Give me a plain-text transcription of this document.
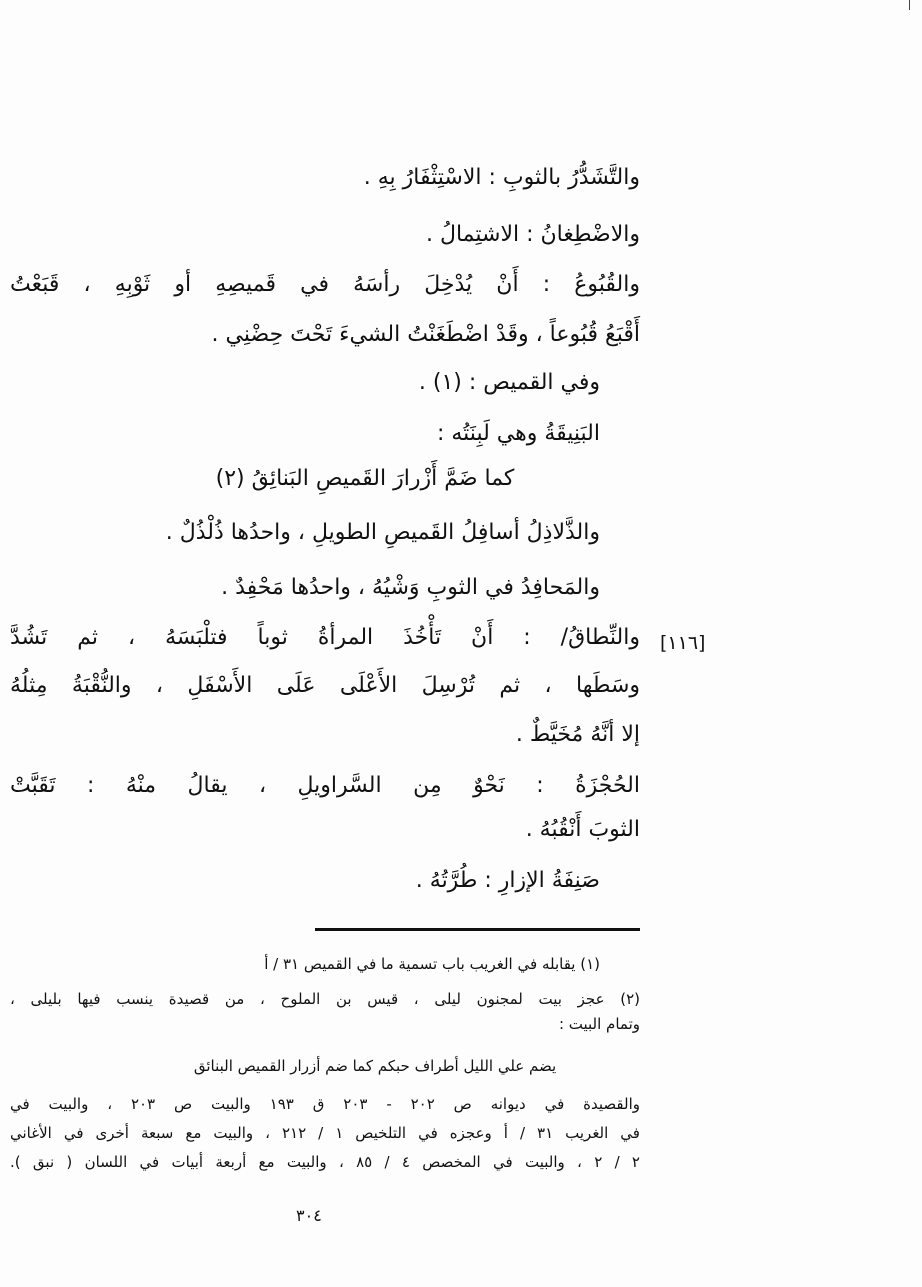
والتَّشَدُّرُ بالثوبِ : الاسْتِثْفَارُ بِهِ .
والاضْطِغانُ : الاشتِمالُ .
والقُبُوعُ : أَنْ يُدْخِلَ رأسَهُ في قَميصِهِ أو ثَوْبِهِ ، قَبَعْتُ
أَقْبَعُ قُبُوعاً ، وقَدْ اضْطَغَنْتُ الشيءَ تَحْتَ حِضْنِي .
وفي القميص : (١) .
البَنِيقَةُ وهي لَبِنَتُه :
كما ضَمَّ أَزْرارَ القَميصِ البَنائِقُ (٢)
والذَّلاذِلُ أسافِلُ القَميصِ الطويلِ ، واحدُها ذُلْذُلٌ .
والمَحافِدُ في الثوبِ وَشْيُهُ ، واحدُها مَحْفِدٌ .
والنِّطاقُ/ : أَنْ تَأْخُذَ المرأةُ ثوباً فتلْبَسَهُ ، ثم تَشُدَّ
وسَطَها ، ثم تُرْسِلَ الأَعْلَى عَلَى الأَسْفَلِ ، والنُّقْبَةُ مِثلُهُ
إلا أنَّهُ مُخَيَّطٌ .
الحُجْزَةُ : نَحْوٌ مِن السَّراويلِ ، يقالُ منْهُ : تَقَبَّتْ
الثوبَ أَنْقُبُهُ .
صَنِفَةُ الإزارِ : طُرَّتُهُ .
[١١٦]
(١) يقابله في الغريب باب تسمية ما في القميص ٣١ / أ
(٢) عجز بيت لمجنون ليلى ، قيس بن الملوح ، من قصيدة ينسب فيها بليلى ،
وتمام البيت :
يضم علي الليل أطراف حبكم كما ضم أزرار القميص البنائق
والقصيدة في ديوانه ص ٢٠٢ - ٢٠٣ ق ١٩٣ والبيت ص ٢٠٣ ، والبيت في
في الغريب ٣١ / أ وعجزه في التلخيص ١ / ٢١٢ ، والبيت مع سبعة أخرى في الأغاني
٢ / ٢ ، والبيت في المخصص ٤ / ٨٥ ، والبيت مع أربعة أبيات في اللسان ( نبق ).
٣٠٤
